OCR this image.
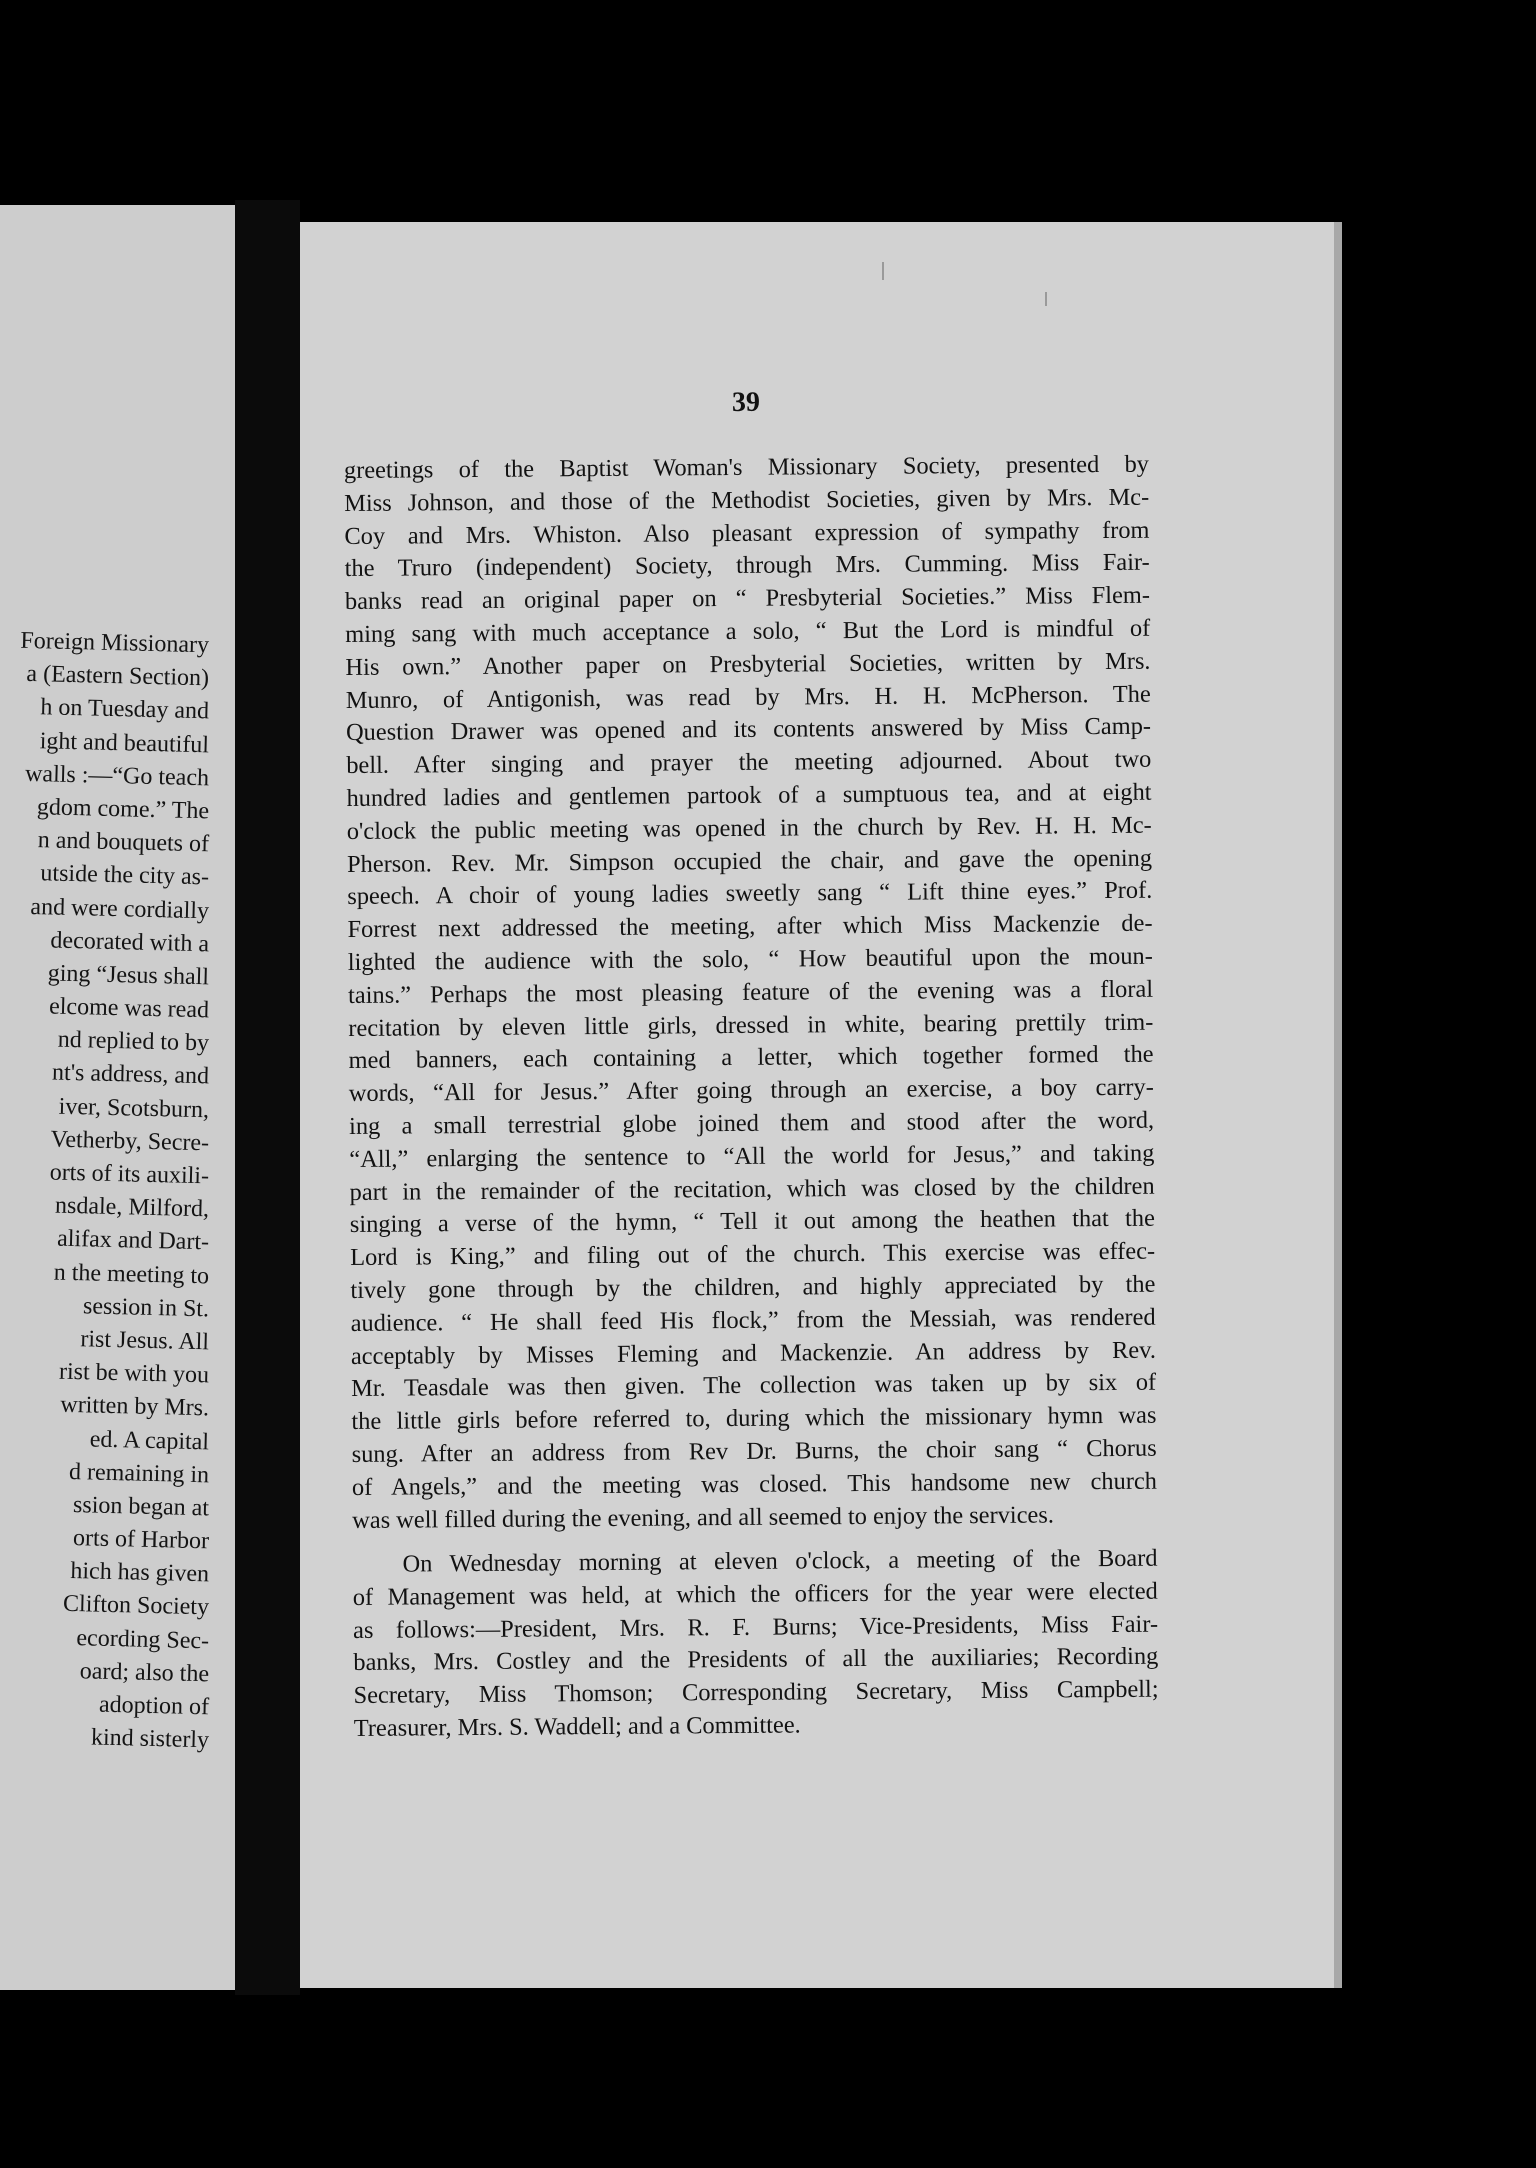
Foreign Missionary
a (Eastern Section)
h on Tuesday and
ight and beautiful
walls :—“Go teach
gdom come.” The
n and bouquets of
utside the city as-
and were cordially
decorated with a
ging “Jesus shall
elcome was read
nd replied to by
nt's address, and
iver, Scotsburn,
Vetherby, Secre-
orts of its auxili-
nsdale, Milford,
alifax and Dart-
n the meeting to
session in St.
rist Jesus. All
rist be with you
written by Mrs.
ed. A capital
d remaining in
ssion began at
orts of Harbor
hich has given
Clifton Society
ecording Sec-
oard; also the
adoption of
kind sisterly
39
greetings of the Baptist Woman's Missionary Society, presented by
Miss Johnson, and those of the Methodist Societies, given by Mrs. Mc-
Coy and Mrs. Whiston. Also pleasant expression of sympathy from
the Truro (independent) Society, through Mrs. Cumming. Miss Fair-
banks read an original paper on “ Presbyterial Societies.” Miss Flem-
ming sang with much acceptance a solo, “ But the Lord is mindful of
His own.” Another paper on Presbyterial Societies, written by Mrs.
Munro, of Antigonish, was read by Mrs. H. H. McPherson. The
Question Drawer was opened and its contents answered by Miss Camp-
bell. After singing and prayer the meeting adjourned. About two
hundred ladies and gentlemen partook of a sumptuous tea, and at eight
o'clock the public meeting was opened in the church by Rev. H. H. Mc-
Pherson. Rev. Mr. Simpson occupied the chair, and gave the opening
speech. A choir of young ladies sweetly sang “ Lift thine eyes.” Prof.
Forrest next addressed the meeting, after which Miss Mackenzie de-
lighted the audience with the solo, “ How beautiful upon the moun-
tains.” Perhaps the most pleasing feature of the evening was a floral
recitation by eleven little girls, dressed in white, bearing prettily trim-
med banners, each containing a letter, which together formed the
words, “All for Jesus.” After going through an exercise, a boy carry-
ing a small terrestrial globe joined them and stood after the word,
“All,” enlarging the sentence to “All the world for Jesus,” and taking
part in the remainder of the recitation, which was closed by the children
singing a verse of the hymn, “ Tell it out among the heathen that the
Lord is King,” and filing out of the church. This exercise was effec-
tively gone through by the children, and highly appreciated by the
audience. “ He shall feed His flock,” from the Messiah, was rendered
acceptably by Misses Fleming and Mackenzie. An address by Rev.
Mr. Teasdale was then given. The collection was taken up by six of
the little girls before referred to, during which the missionary hymn was
sung. After an address from Rev Dr. Burns, the choir sang “ Chorus
of Angels,” and the meeting was closed. This handsome new church
was well filled during the evening, and all seemed to enjoy the services.
On Wednesday morning at eleven o'clock, a meeting of the Board
of Management was held, at which the officers for the year were elected
as follows:—President, Mrs. R. F. Burns; Vice-Presidents, Miss Fair-
banks, Mrs. Costley and the Presidents of all the auxiliaries; Recording
Secretary, Miss Thomson; Corresponding Secretary, Miss Campbell;
Treasurer, Mrs. S. Waddell; and a Committee.
